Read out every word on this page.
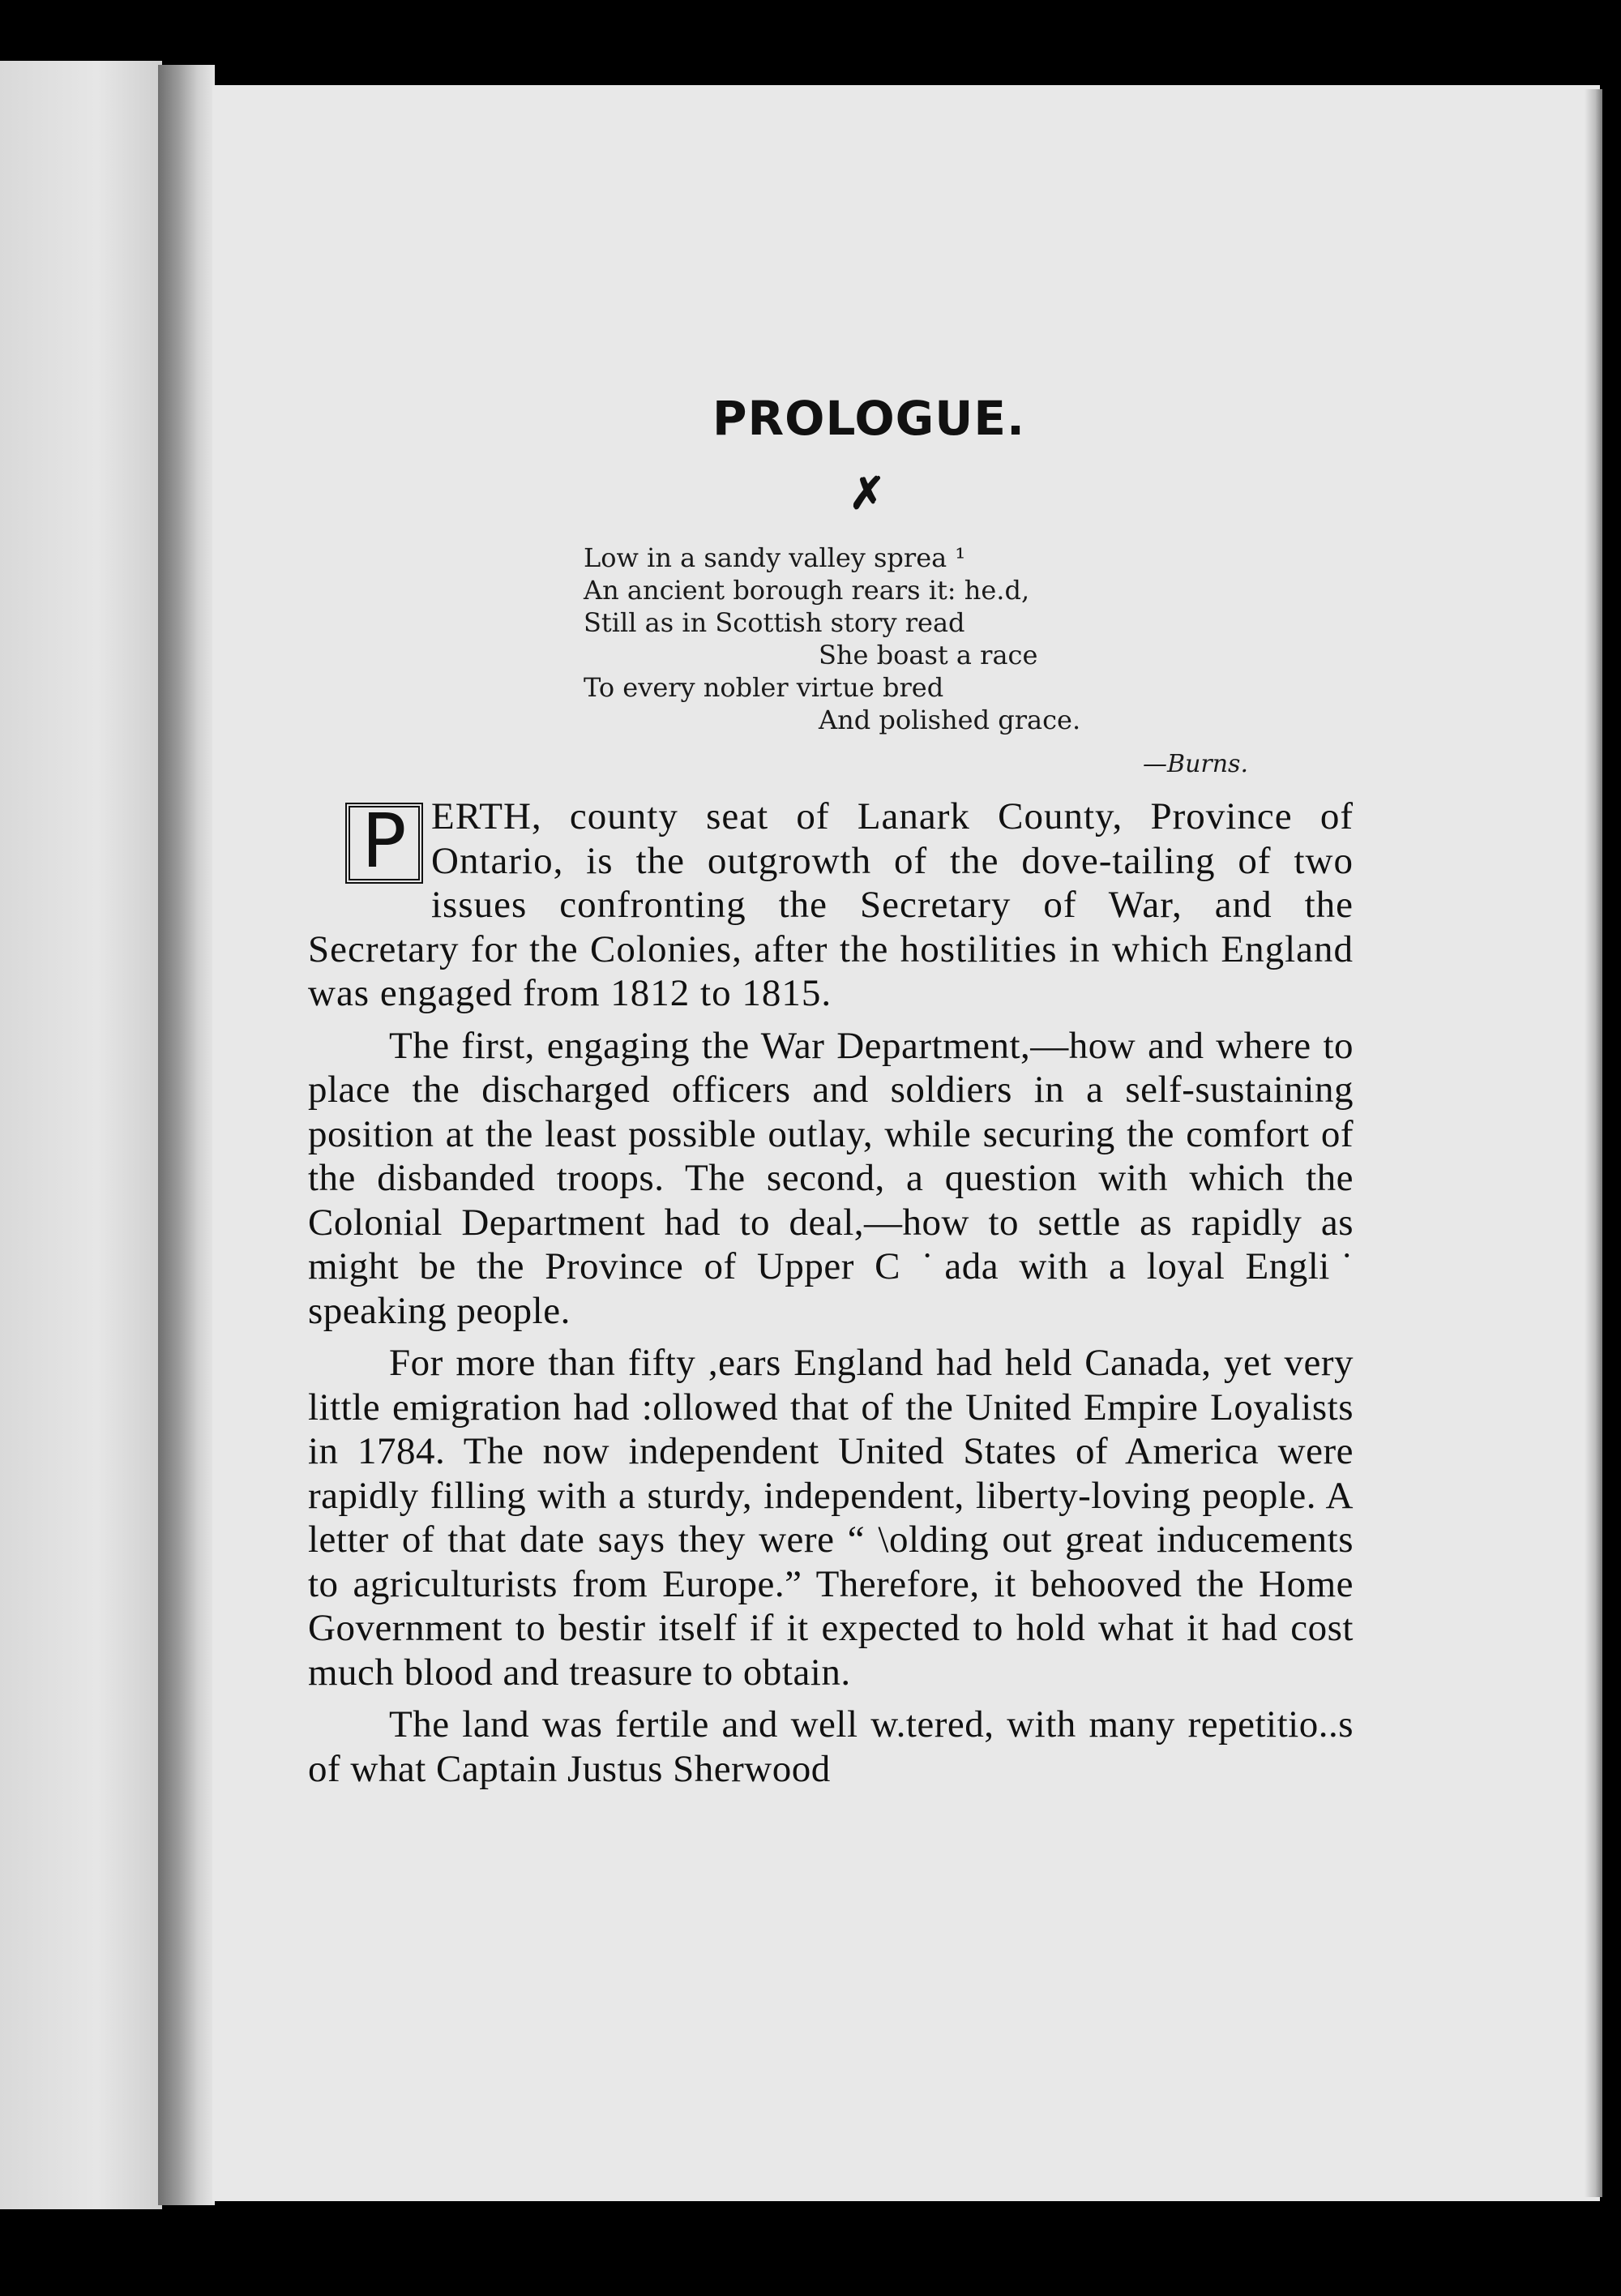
PROLOGUE.
✗
Low in a sandy valley sprea ¹
An ancient borough rears it: he.d,
Still as in Scottish story read
She boast a race
To every nobler virtue bred
And polished grace.
—Burns.

P ERTH, county seat of Lanark County, Province of Ontario, is the outgrowth of the dove-tailing of two issues confronting the Secretary of War, and the Secretary for the Colonies, after the hostilities in which England was engaged from 1812 to 1815.

The first, engaging the War Department,—how and where to place the discharged officers and soldiers in a self-sustaining position at the least possible outlay, while securing the comfort of the disbanded troops. The second, a question with which the Colonial Department had to deal,—how to settle as rapidly as might be the Province of Upper C ˙ada with a loyal Engli˙ speaking people.

For more than fifty ,ears England had held Canada, yet very little emigration had :ollowed that of the United Empire Loyalists in 1784. The now independent United States of America were rapidly filling with a sturdy, independent, liberty-loving people. A letter of that date says they were “ \olding out great inducements to agriculturists from Europe.” Therefore, it behooved the Home Government to bestir itself if it expected to hold what it had cost much blood and treasure to obtain.

The land was fertile and well w.tered, with many repetitio..s of what Captain Justus Sherwood
